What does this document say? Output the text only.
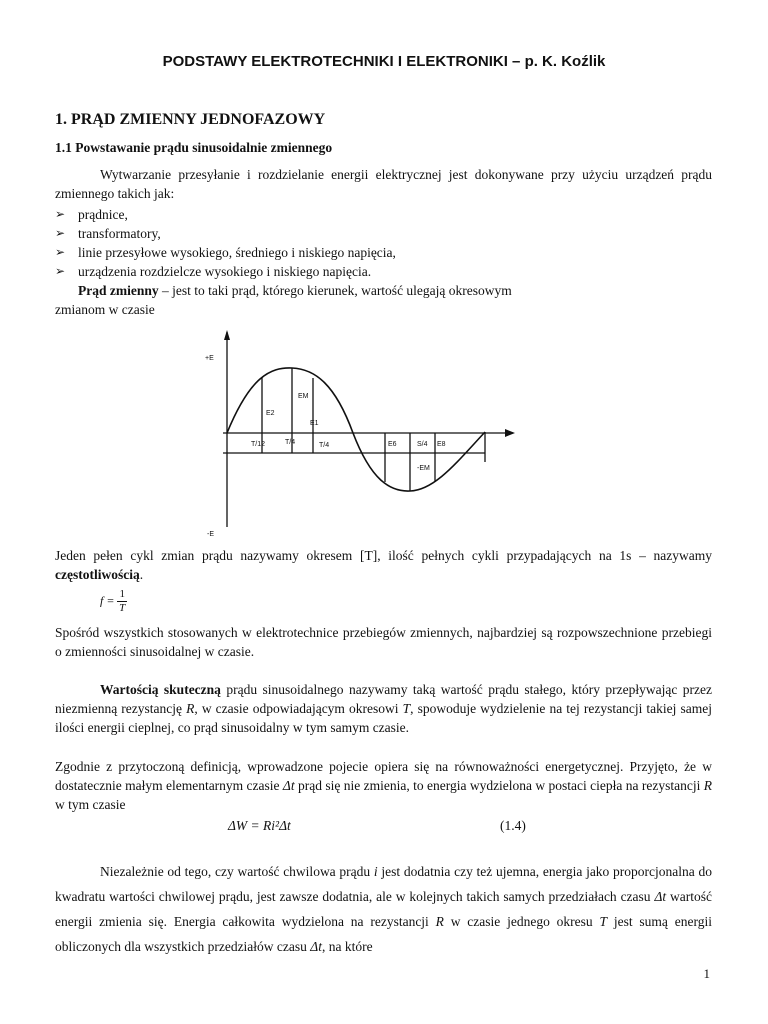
PODSTAWY ELEKTROTECHNIKI I ELEKTRONIKI – p. K. Koźlik
1. PRĄD ZMIENNY JEDNOFAZOWY
1.1 Powstawanie prądu sinusoidalnie zmiennego

Wytwarzanie przesyłanie i rozdzielanie energii elektrycznej jest dokonywane przy użyciu urządzeń prądu zmiennego takich jak:

➢ prądnice,
➢ transformatory,
➢ linie przesyłowe wysokiego, średniego i niskiego napięcia,
➢ urządzenia rozdzielcze wysokiego i niskiego napięcia.
Prąd zmienny – jest to taki prąd, którego kierunek, wartość ulegają okresowym
zmianom w czasie
+E
-E
E2
EM
E1
T/12	T/4	T/4	E6	S/4 E8
-EM

Jeden pełen cykl zmian prądu nazywamy okresem [T], ilość pełnych cykli przypadających na 1s – nazywamy częstotliwością.

$f = \frac{1}{T}$

Spośród wszystkich stosowanych w elektrotechnice przebiegów zmiennych, najbardziej są rozpowszechnione przebiegi o zmienności sinusoidalnej w czasie.

Wartością skuteczną prądu sinusoidalnego nazywamy taką wartość prądu stałego, który przepływając przez niezmienną rezystancję R, w czasie odpowiadającym okresowi T, spowoduje wydzielenie na tej rezystancji takiej samej ilości energii cieplnej, co prąd sinusoidalny w tym samym czasie.

Zgodnie z przytoczoną definicją, wprowadzone pojecie opiera się na równoważności energetycznej. Przyjęto, że w dostatecznie małym elementarnym czasie Δt prąd się nie zmienia, to energia wydzielona w postaci ciepła na rezystancji R w tym czasie

ΔW = Ri²Δt	(1.4)

Niezależnie od tego, czy wartość chwilowa prądu i jest dodatnia czy też ujemna, energia jako proporcjonalna do kwadratu wartości chwilowej prądu, jest zawsze dodatnia, ale w kolejnych takich samych przedziałach czasu Δt wartość energii zmienia się. Energia całkowita wydzielona na rezystancji R w czasie jednego okresu T jest sumą energii obliczonych dla wszystkich przedziałów czasu Δt, na które

1
